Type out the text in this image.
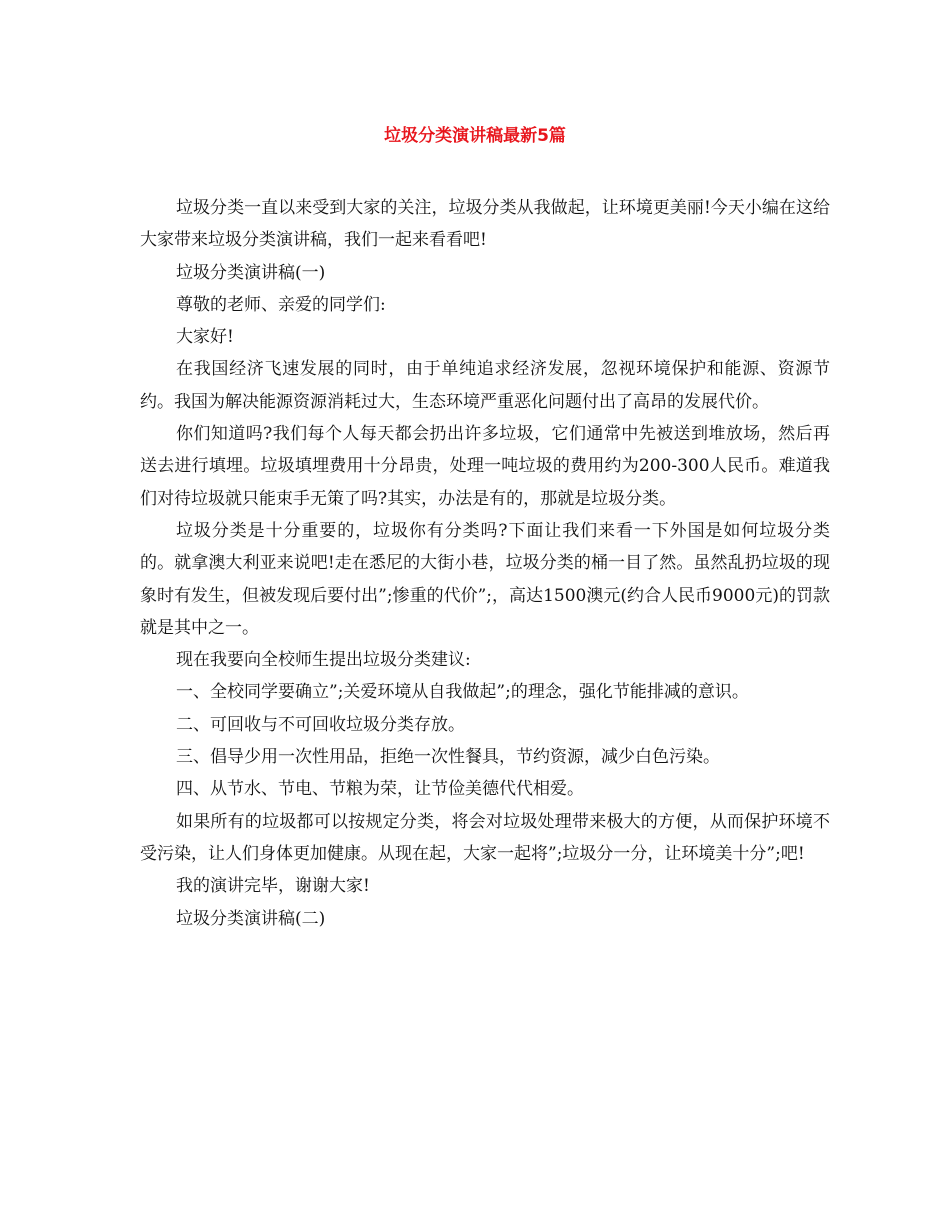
垃圾分类演讲稿最新5篇

垃圾分类一直以来受到大家的关注，垃圾分类从我做起，让环境更美丽!今天小编在这给大家带来垃圾分类演讲稿，我们一起来看看吧!

垃圾分类演讲稿(一)

尊敬的老师、亲爱的同学们:

大家好!

在我国经济飞速发展的同时，由于单纯追求经济发展，忽视环境保护和能源、资源节约。我国为解决能源资源消耗过大，生态环境严重恶化问题付出了高昂的发展代价。

你们知道吗?我们每个人每天都会扔出许多垃圾，它们通常中先被送到堆放场，然后再送去进行填埋。垃圾填埋费用十分昂贵，处理一吨垃圾的费用约为200-300人民币。难道我们对待垃圾就只能束手无策了吗?其实，办法是有的，那就是垃圾分类。

垃圾分类是十分重要的，垃圾你有分类吗?下面让我们来看一下外国是如何垃圾分类的。就拿澳大利亚来说吧!走在悉尼的大街小巷，垃圾分类的桶一目了然。虽然乱扔垃圾的现象时有发生，但被发现后要付出”;惨重的代价”;，高达1500澳元(约合人民币9000元)的罚款就是其中之一。

现在我要向全校师生提出垃圾分类建议:

一、全校同学要确立”;关爱环境从自我做起”;的理念，强化节能排减的意识。

二、可回收与不可回收垃圾分类存放。

三、倡导少用一次性用品，拒绝一次性餐具，节约资源，减少白色污染。

四、从节水、节电、节粮为荣，让节俭美德代代相爱。

如果所有的垃圾都可以按规定分类，将会对垃圾处理带来极大的方便，从而保护环境不受污染，让人们身体更加健康。从现在起，大家一起将”;垃圾分一分，让环境美十分”;吧!

我的演讲完毕，谢谢大家!

垃圾分类演讲稿(二)
